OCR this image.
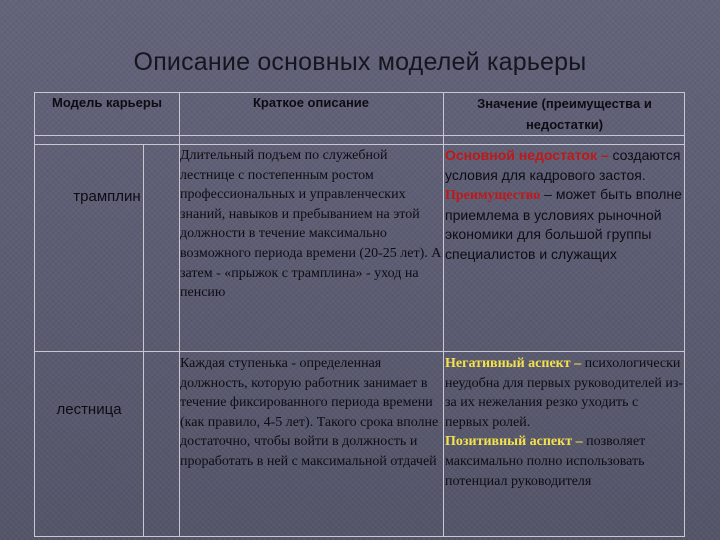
Описание основных моделей карьеры
Модель карьеры	Краткое описание	Значение (преимущества и недостатки)
трамплин
Длительный подъем по служебной лестнице с постепенным ростом профессиональных и управленческих знаний, навыков и пребыванием на этой должности в течение максимально возможного периода времени (20-25 лет). А затем - «прыжок с трамплина» - уход на пенсию

Основной недостаток – создаются условия для кадрового застоя.

Преимущество – может быть вполне приемлема в условиях рыночной экономики для большой группы специалистов и служащих

лестница
Каждая ступенька - определенная должность, которую работник занимает в течение фиксированного периода времени (как правило, 4-5 лет). Такого срока вполне достаточно, чтобы войти в должность и проработать в ней с максимальной отдачей

Негативный аспект – психологически неудобна для первых руководителей из-за их нежелания резко уходить с первых ролей.

Позитивный аспект – позволяет максимально полно использовать потенциал руководителя
